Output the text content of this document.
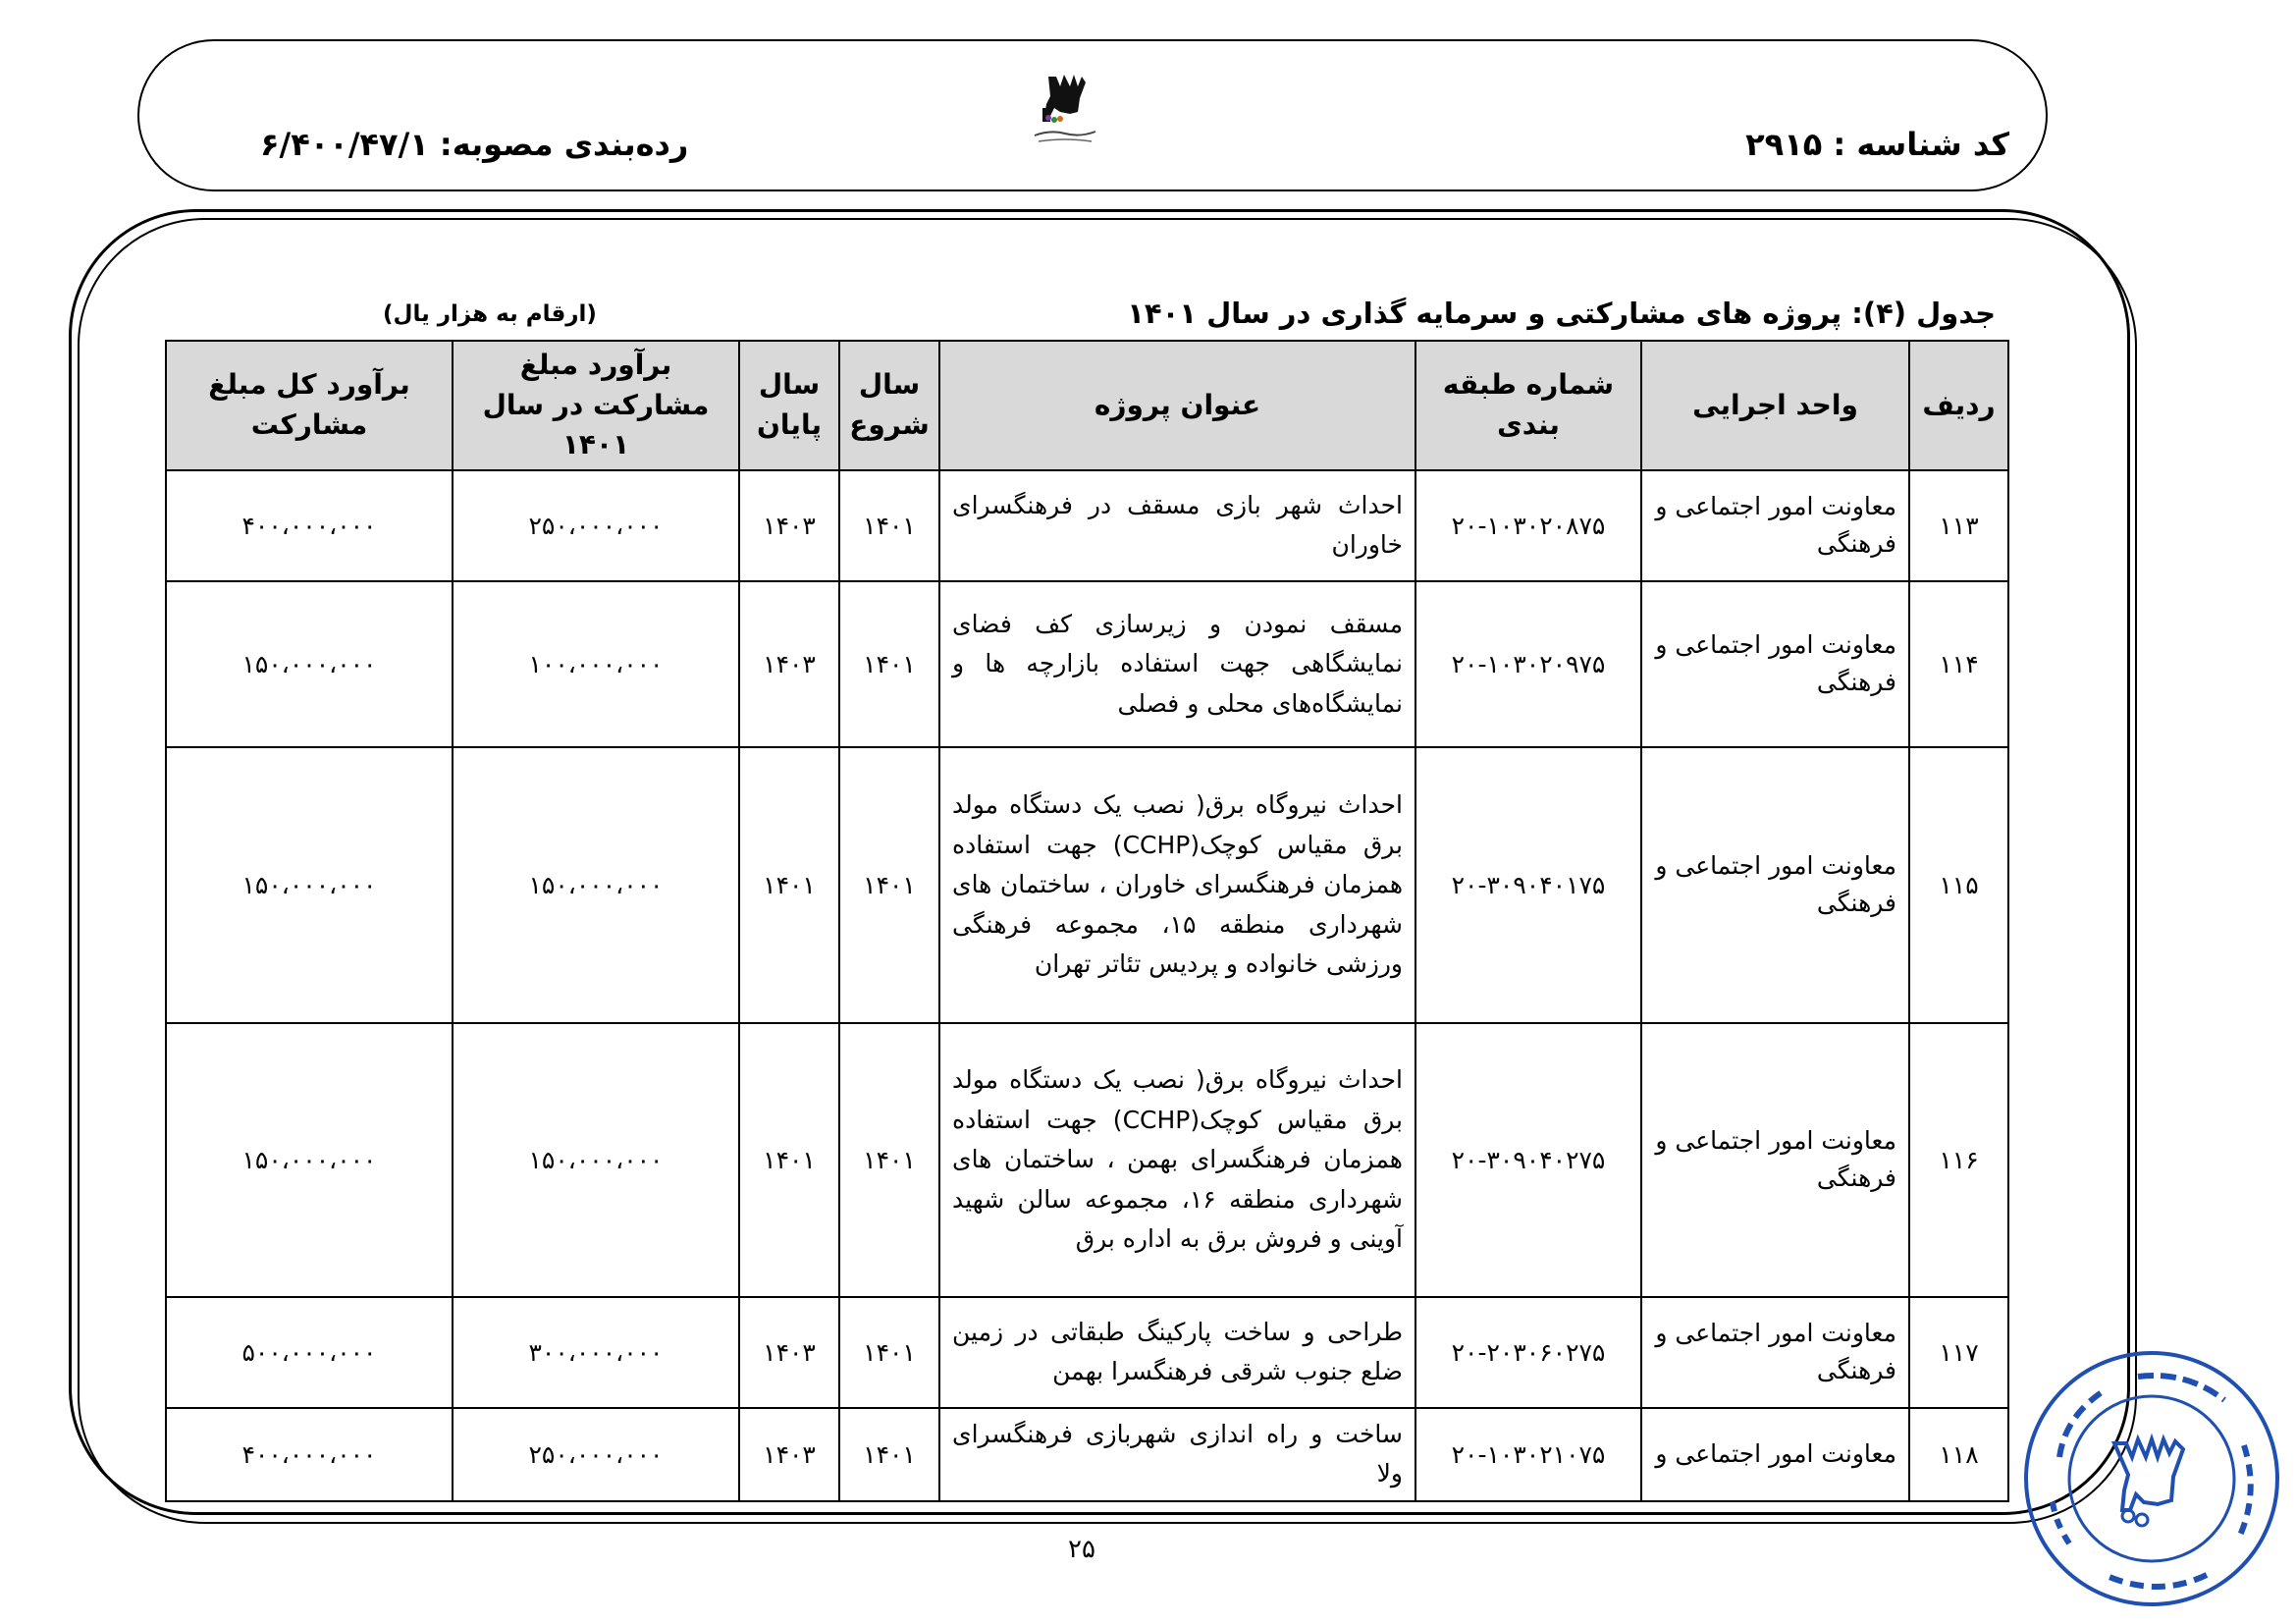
کد شناسه : ۲۹۱۵
رده‌بندی مصوبه: ۶/۴۰۰/۴۷/۱
جدول (۴): پروژه های مشارکتی و سرمایه گذاری در سال ۱۴۰۱
(ارقام به هزار یال)
ردیف	واحد اجرایی	شماره طبقه بندی	عنوان پروژه	سال شروع	سال پایان	برآورد مبلغ مشارکت در سال ۱۴۰۱	برآورد کل مبلغ مشارکت
۱۱۳	معاونت امور اجتماعی و فرهنگی	۲۰-۱۰۳۰۲۰۸۷۵	احداث شهر بازی مسقف در فرهنگسرای خاوران	۱۴۰۱	۱۴۰۳	۲۵۰،۰۰۰،۰۰۰	۴۰۰،۰۰۰،۰۰۰
۱۱۴	معاونت امور اجتماعی و فرهنگی	۲۰-۱۰۳۰۲۰۹۷۵	مسقف نمودن و زیرسازی کف فضای نمایشگاهی جهت استفاده بازارچه ها و نمایشگاه‌های محلی و فصلی	۱۴۰۱	۱۴۰۳	۱۰۰،۰۰۰،۰۰۰	۱۵۰،۰۰۰،۰۰۰
۱۱۵	معاونت امور اجتماعی و فرهنگی	۲۰-۳۰۹۰۴۰۱۷۵	احداث نیروگاه برق( نصب یک دستگاه مولد برق مقیاس کوچک(CCHP) جهت استفاده همزمان فرهنگسرای خاوران ، ساختمان های شهرداری منطقه ۱۵، مجموعه فرهنگی ورزشی خانواده و پردیس تئاتر تهران	۱۴۰۱	۱۴۰۱	۱۵۰،۰۰۰،۰۰۰	۱۵۰،۰۰۰،۰۰۰
۱۱۶	معاونت امور اجتماعی و فرهنگی	۲۰-۳۰۹۰۴۰۲۷۵	احداث نیروگاه برق( نصب یک دستگاه مولد برق مقیاس کوچک(CCHP) جهت استفاده همزمان فرهنگسرای بهمن ، ساختمان های شهرداری منطقه ۱۶، مجموعه سالن شهید آوینی و فروش برق به اداره برق	۱۴۰۱	۱۴۰۱	۱۵۰،۰۰۰،۰۰۰	۱۵۰،۰۰۰،۰۰۰
۱۱۷	معاونت امور اجتماعی و فرهنگی	۲۰-۲۰۳۰۶۰۲۷۵	طراحی و ساخت پارکینگ طبقاتی در زمین ضلع جنوب شرقی فرهنگسرا بهمن	۱۴۰۱	۱۴۰۳	۳۰۰،۰۰۰،۰۰۰	۵۰۰،۰۰۰،۰۰۰
۱۱۸	معاونت امور اجتماعی و	۲۰-۱۰۳۰۲۱۰۷۵	ساخت و راه اندازی شهربازی فرهنگسرای ولا	۱۴۰۱	۱۴۰۳	۲۵۰،۰۰۰،۰۰۰	۴۰۰،۰۰۰،۰۰۰
۲۵
